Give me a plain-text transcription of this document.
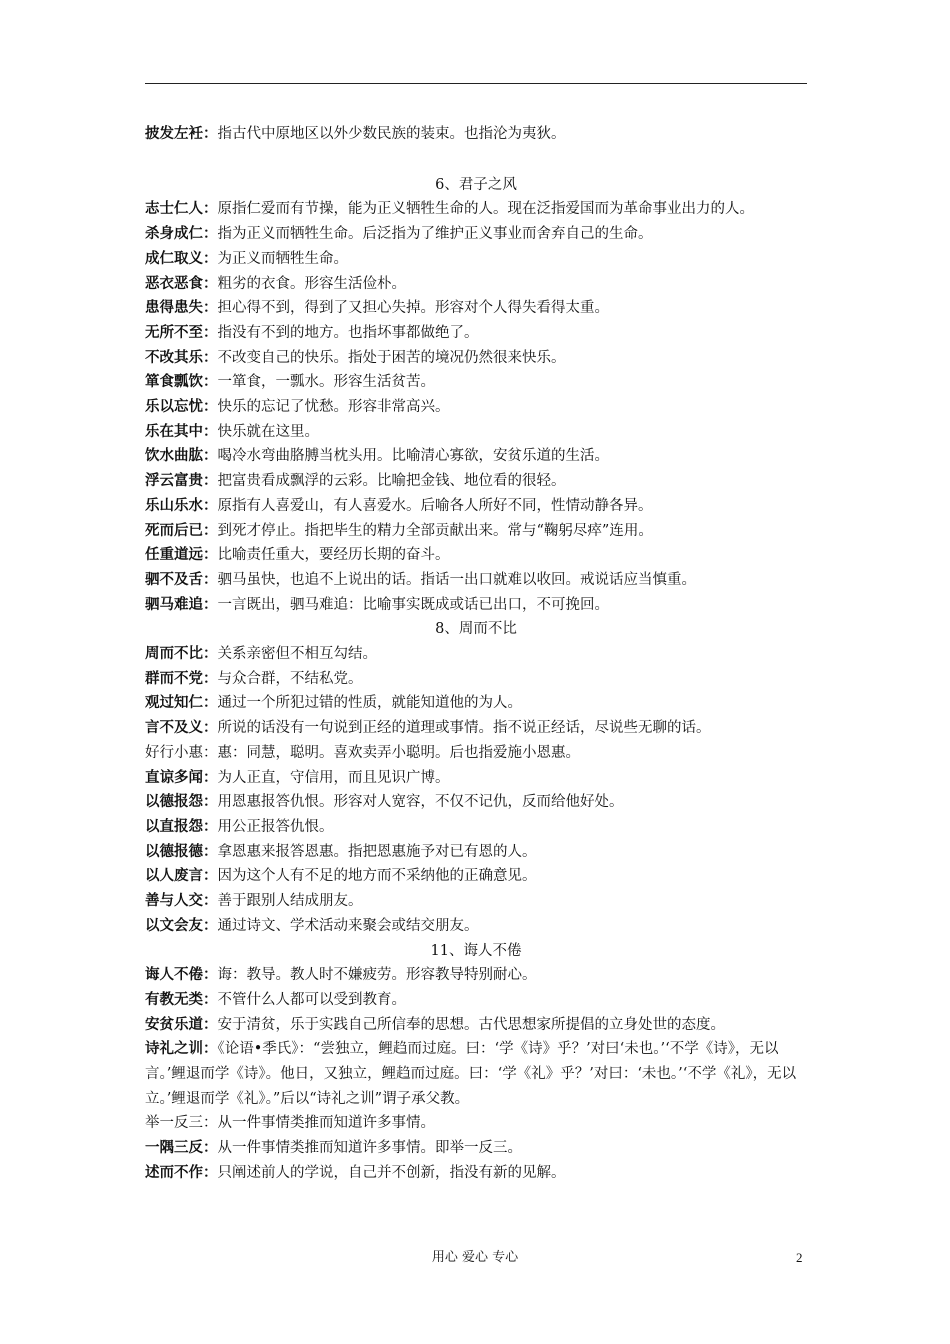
披发左衽：指古代中原地区以外少数民族的装束。也指沦为夷狄。

6、君子之风

志士仁人：原指仁爱而有节操，能为正义牺牲生命的人。现在泛指爱国而为革命事业出力的人。

杀身成仁：指为正义而牺牲生命。后泛指为了维护正义事业而舍弃自己的生命。

成仁取义：为正义而牺牲生命。

恶衣恶食：粗劣的衣食。形容生活俭朴。

患得患失：担心得不到，得到了又担心失掉。形容对个人得失看得太重。

无所不至：指没有不到的地方。也指坏事都做绝了。

不改其乐：不改变自己的快乐。指处于困苦的境况仍然很来快乐。

箪食瓢饮：一箪食，一瓢水。形容生活贫苦。

乐以忘忧：快乐的忘记了忧愁。形容非常高兴。

乐在其中：快乐就在这里。

饮水曲肱：喝冷水弯曲胳膊当枕头用。比喻清心寡欲，安贫乐道的生活。

浮云富贵：把富贵看成飘浮的云彩。比喻把金钱、地位看的很轻。

乐山乐水：原指有人喜爱山，有人喜爱水。后喻各人所好不同，性情动静各异。

死而后已：到死才停止。指把毕生的精力全部贡献出来。常与“鞠躬尽瘁”连用。

任重道远：比喻责任重大，要经历长期的奋斗。

驷不及舌：驷马虽快，也追不上说出的话。指话一出口就难以收回。戒说话应当慎重。

驷马难追：一言既出，驷马难追：比喻事实既成或话已出口，不可挽回。

8、周而不比

周而不比：关系亲密但不相互勾结。

群而不党：与众合群，不结私党。

观过知仁：通过一个所犯过错的性质，就能知道他的为人。

言不及义：所说的话没有一句说到正经的道理或事情。指不说正经话，尽说些无聊的话。

好行小惠：惠：同慧，聪明。喜欢卖弄小聪明。后也指爱施小恩惠。

直谅多闻：为人正直，守信用，而且见识广博。

以德报怨：用恩惠报答仇恨。形容对人宽容，不仅不记仇，反而给他好处。

以直报怨：用公正报答仇恨。

以德报德：拿恩惠来报答恩惠。指把恩惠施予对已有恩的人。

以人废言：因为这个人有不足的地方而不采纳他的正确意见。

善与人交：善于跟别人结成朋友。

以文会友：通过诗文、学术活动来聚会或结交朋友。

11、诲人不倦

诲人不倦：诲：教导。教人时不嫌疲劳。形容教导特别耐心。

有教无类：不管什么人都可以受到教育。

安贫乐道：安于清贫，乐于实践自己所信奉的思想。古代思想家所提倡的立身处世的态度。

诗礼之训：《论语•季氏》：“尝独立，鲤趋而过庭。曰：‘学《诗》乎？’对曰‘未也。’‘不学《诗》，无以言。’鲤退而学《诗》。他日，又独立，鲤趋而过庭。曰：‘学《礼》乎？’对曰：‘未也。’‘不学《礼》，无以立。’鲤退而学《礼》。”后以“诗礼之训”谓子承父教。

举一反三：从一件事情类推而知道许多事情。

一隅三反：从一件事情类推而知道许多事情。即举一反三。

述而不作：只阐述前人的学说，自己并不创新，指没有新的见解。

用心 爱心 专心	2
